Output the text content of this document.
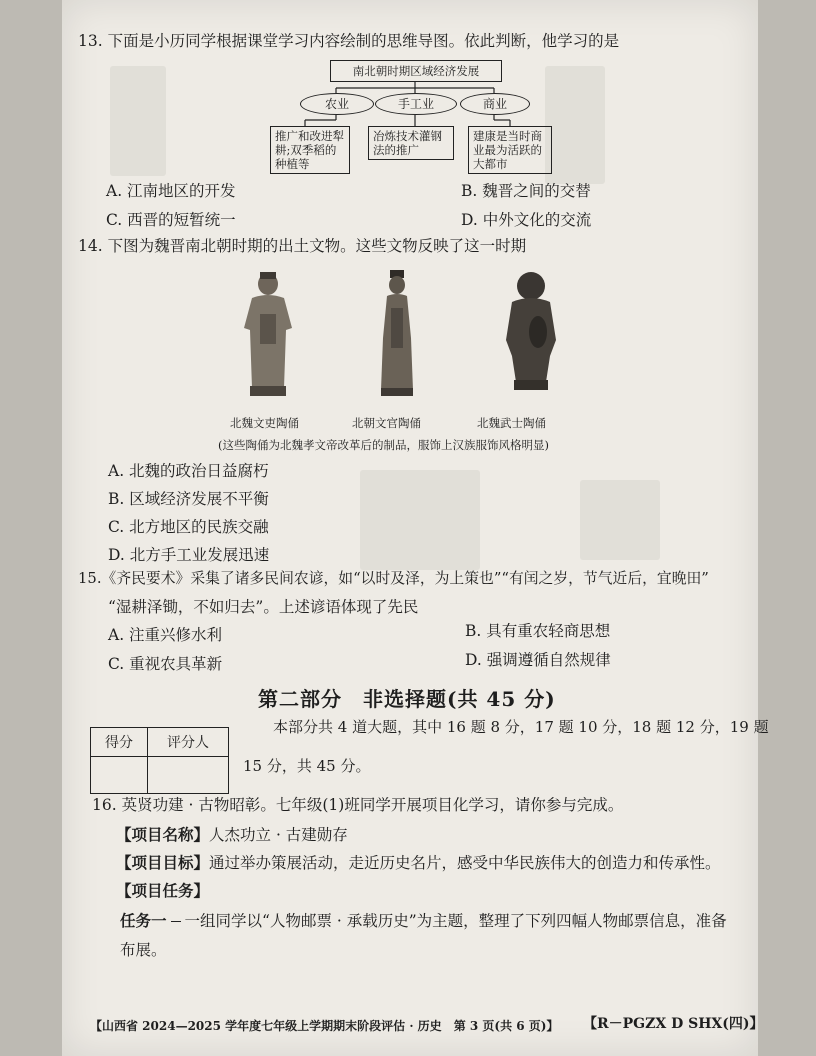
13. 下面是小历同学根据课堂学习内容绘制的思维导图。依此判断，他学习的是
南北朝时期区域经济发展
农业	手工业	商业
推广和改进犁耕;双季稻的种植等
冶炼技术灌钢法的推广
建康是当时商业最为活跃的大都市
A. 江南地区的开发	B. 魏晋之间的交替
C. 西晋的短暂统一	D. 中外文化的交流
14. 下图为魏晋南北朝时期的出土文物。这些文物反映了这一时期
北魏文吏陶俑	北朝文官陶俑	北魏武士陶俑
(这些陶俑为北魏孝文帝改革后的制品，服饰上汉族服饰风格明显)
A. 北魏的政治日益腐朽
B. 区域经济发展不平衡
C. 北方地区的民族交融
D. 北方手工业发展迅速
15.《齐民要术》采集了诸多民间农谚，如“以时及泽，为上策也”“有闰之岁，节气近后，宜晚田”
“湿耕泽锄，不如归去”。上述谚语体现了先民
A. 注重兴修水利	B. 具有重农轻商思想
C. 重视农具革新	D. 强调遵循自然规律
第二部分　非选择题(共 45 分)
得分	评分人

本部分共 4 道大题，其中 16 题 8 分，17 题 10 分，18 题 12 分，19 题
15 分，共 45 分。
16. 英贤功建 · 古物昭彰。七年级(1)班同学开展项目化学习，请你参与完成。
【项目名称】人杰功立 · 古建勋存
【项目目标】通过举办策展活动，走近历史名片，感受中华民族伟大的创造力和传承性。
【项目任务】
任务一 一组同学以“人物邮票 · 承载历史”为主题，整理了下列四幅人物邮票信息，准备
布展。
【山西省 2024—2025 学年度七年级上学期期末阶段评估 · 历史　第 3 页(共 6 页)】 【R－PGZX D SHX(四)】
